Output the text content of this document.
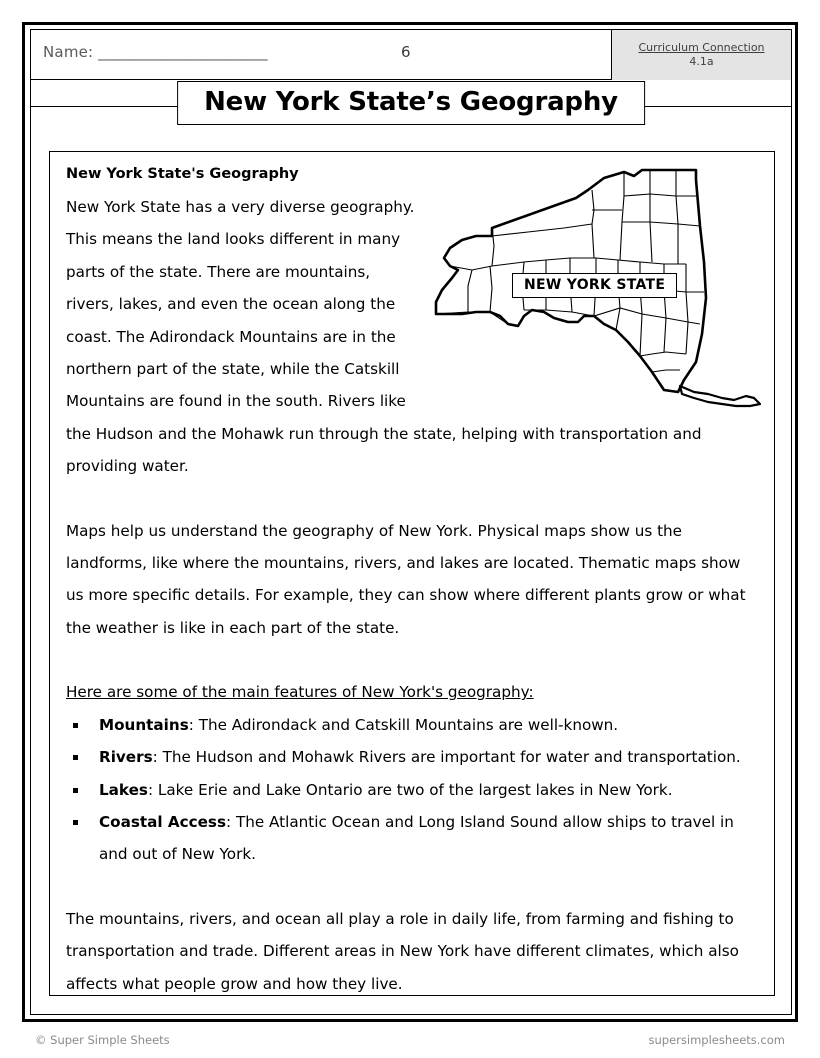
Name: ______________________	6	Curriculum Connection
4.1a
New York State’s Geography
NEW YORK STATE
New York State's Geography

New York State has a very diverse geography. This means the land looks different in many parts of the state. There are mountains, rivers, lakes, and even the ocean along the coast. The Adirondack Mountains are in the northern part of the state, while the Catskill Mountains are found in the south. Rivers like the Hudson and the Mohawk run through the state, helping with transportation and providing water.

Maps help us understand the geography of New York. Physical maps show us the landforms, like where the mountains, rivers, and lakes are located. Thematic maps show us more specific details. For example, they can show where different plants grow or what the weather is like in each part of the state.

Here are some of the main features of New York's geography:
Mountains: The Adirondack and Catskill Mountains are well-known.
Rivers: The Hudson and Mohawk Rivers are important for water and transportation.
Lakes: Lake Erie and Lake Ontario are two of the largest lakes in New York.
Coastal Access: The Atlantic Ocean and Long Island Sound allow ships to travel in and out of New York.

The mountains, rivers, and ocean all play a role in daily life, from farming and fishing to transportation and trade. Different areas in New York have different climates, which also affects what people grow and how they live.

© Super Simple Sheets	supersimplesheets.com
